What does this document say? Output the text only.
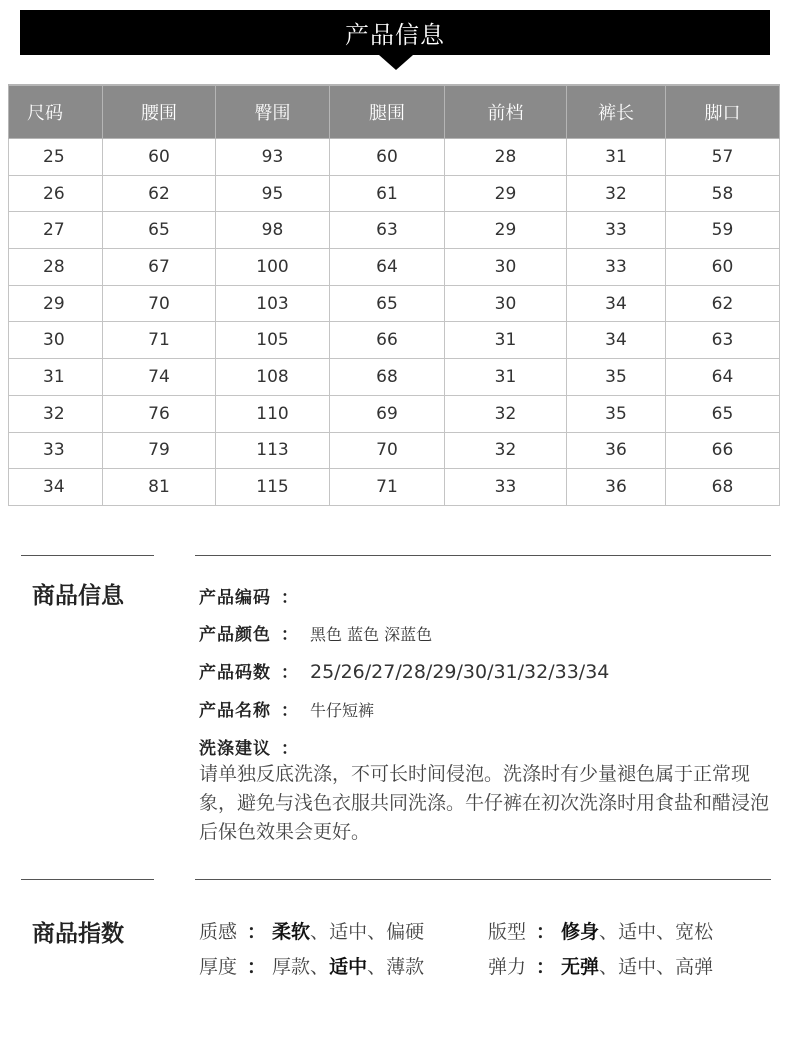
产品信息
尺码	腰围	臀围	腿围	前档	裤长	脚口
25	60	93	60	28	31	57
26	62	95	61	29	32	58
27	65	98	63	29	33	59
28	67	100	64	30	33	60
29	70	103	65	30	34	62
30	71	105	66	31	34	63
31	74	108	68	31	35	64
32	76	110	69	32	35	65
33	79	113	70	32	36	66
34	81	115	71	33	36	68
商品信息	产品编码 ：
产品颜色 ： 黑色 蓝色 深蓝色
产品码数 ： 25/26/27/28/29/30/31/32/33/34
产品名称 ： 牛仔短裤
洗涤建议 ：
请单独反底洗涤，不可长时间侵泡。洗涤时有少量褪色属于正常现象，避免与浅色衣服共同洗涤。牛仔裤在初次洗涤时用食盐和醋浸泡后保色效果会更好。
商品指数	质感 ： 柔软 、 适中 、 偏硬	版型 ： 修身 、 适中 、 宽松
厚度 ： 厚款 、 适中 、 薄款	弹力 ： 无弹 、 适中 、 高弹
